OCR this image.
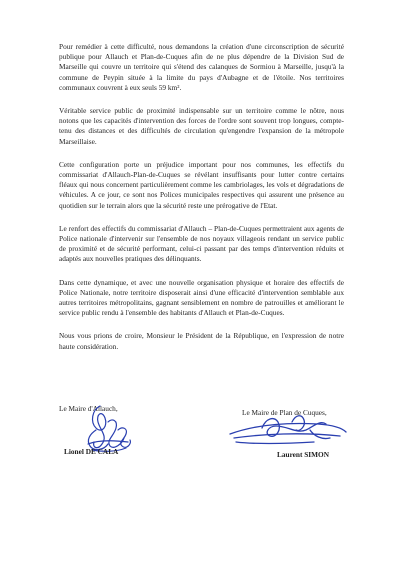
Pour remédier à cette difficulté, nous demandons la création d'une circonscription de sécurité publique pour Allauch et Plan-de-Cuques afin de ne plus dépendre de la Division Sud de Marseille qui couvre un territoire qui s'étend des calanques de Sormiou à Marseille, jusqu'à la commune de Peypin située à la limite du pays d'Aubagne et de l'étoile. Nos territoires communaux couvrent à eux seuls 59 km².

Véritable service public de proximité indispensable sur un territoire comme le nôtre, nous notons que les capacités d'intervention des forces de l'ordre sont souvent trop longues, compte-tenu des distances et des difficultés de circulation qu'engendre l'expansion de la métropole Marseillaise.

Cette configuration porte un préjudice important pour nos communes, les effectifs du commissariat d'Allauch-Plan-de-Cuques se révélant insuffisants pour lutter contre certains fléaux qui nous concernent particulièrement comme les cambriolages, les vols et dégradations de véhicules. A ce jour, ce sont nos Polices municipales respectives qui assurent une présence au quotidien sur le terrain alors que la sécurité reste une prérogative de l'Etat.

Le renfort des effectifs du commissariat d'Allauch – Plan-de-Cuques permettraient aux agents de Police nationale d'intervenir sur l'ensemble de nos noyaux villageois rendant un service public de proximité et de sécurité performant, celui-ci passant par des temps d'intervention réduits et adaptés aux nouvelles pratiques des délinquants.

Dans cette dynamique, et avec une nouvelle organisation physique et horaire des effectifs de Police Nationale, notre territoire disposerait ainsi d'une efficacité d'intervention semblable aux autres territoires métropolitains, gagnant sensiblement en nombre de patrouilles et améliorant le service public rendu à l'ensemble des habitants d'Allauch et Plan-de-Cuques.

Nous vous prions de croire, Monsieur le Président de la République, en l'expression de notre haute considération.

Le Maire d'Allauch,
Lionel DE CALA
Le Maire de Plan de Cuques,
Laurent SIMON
